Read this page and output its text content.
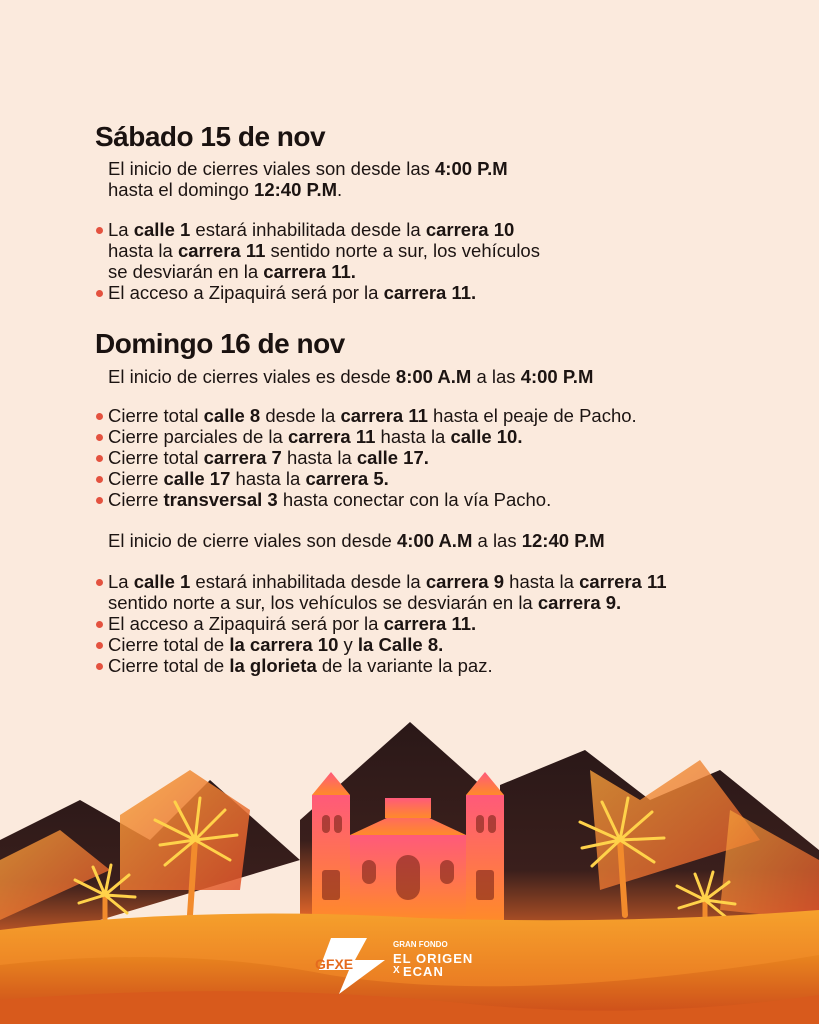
Sábado 15 de nov
El inicio de cierres viales son desde las 4:00 P.M
hasta el domingo 12:40 P.M.
La calle 1 estará inhabilitada desde la carrera 10
hasta la carrera 11 sentido norte a sur, los vehículos
se desviarán en la carrera 11.
El acceso a Zipaquirá será por la carrera 11.
Domingo 16 de nov
El inicio de cierres viales es desde 8:00 A.M a las 4:00 P.M
Cierre total calle 8 desde la carrera 11 hasta el peaje de Pacho.
Cierre parciales de la carrera 11 hasta la calle 10.
Cierre total carrera 7 hasta la calle 17.
Cierre calle 17 hasta la carrera 5.
Cierre transversal 3 hasta conectar con la vía Pacho.
El inicio de cierre viales son desde 4:00 A.M a las 12:40 P.M
La calle 1 estará inhabilitada desde la carrera 9 hasta la carrera 11
sentido norte a sur, los vehículos se desviarán en la carrera 9.
El acceso a Zipaquirá será por la carrera 11.
Cierre total de la carrera 10 y la Calle 8.
Cierre total de la glorieta de la variante la paz.
GFXE
GRAN FONDO
EL ORIGEN
X ECAN
